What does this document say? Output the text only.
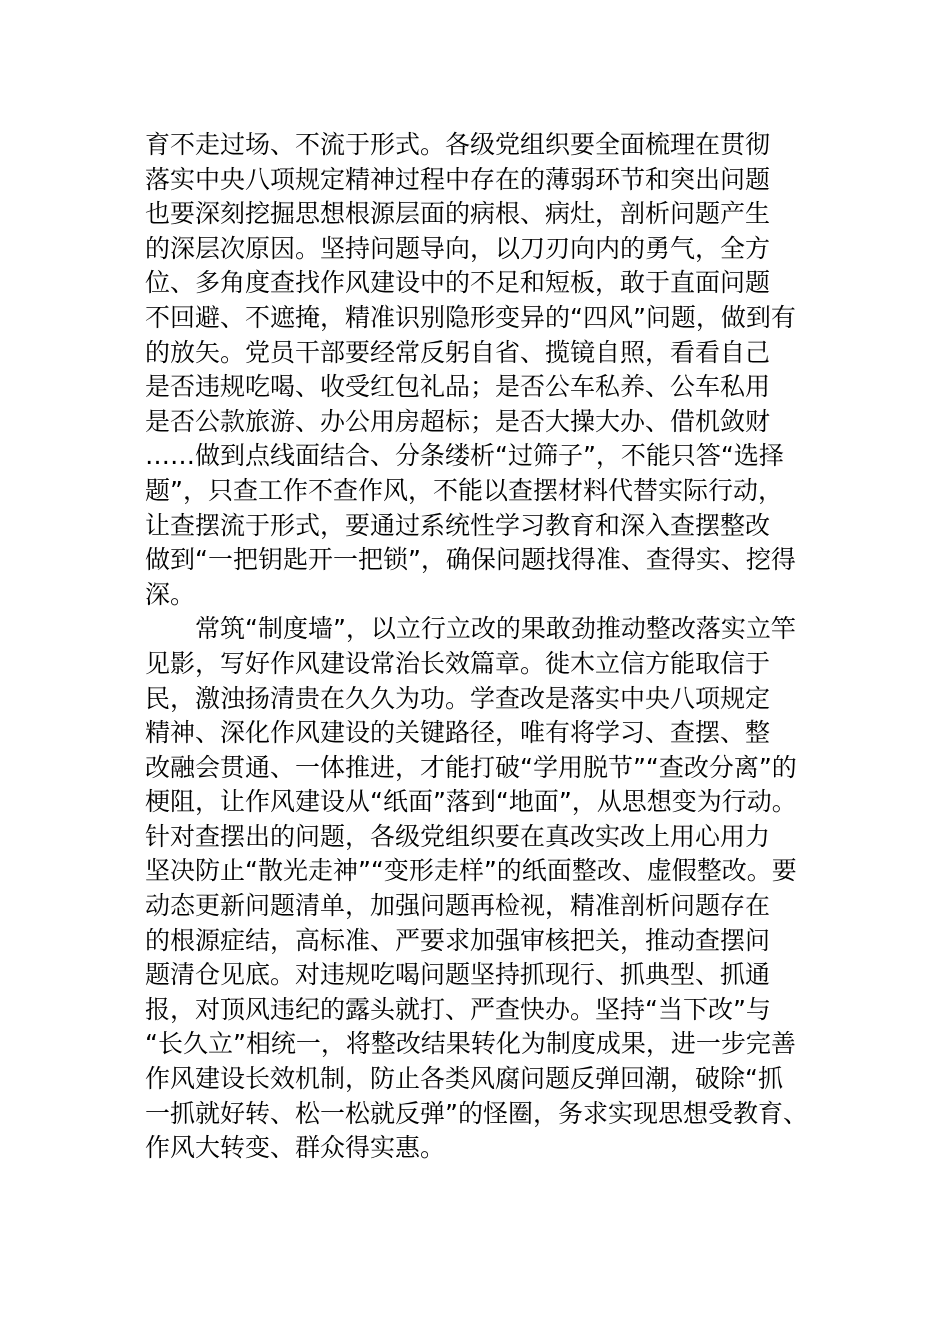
育不走过场、不流于形式。各级党组织要全面梳理在贯彻
落实中央八项规定精神过程中存在的薄弱环节和突出问题
也要深刻挖掘思想根源层面的病根、病灶，剖析问题产生
的深层次原因。坚持问题导向，以刀刃向内的勇气，全方
位、多角度查找作风建设中的不足和短板，敢于直面问题
不回避、不遮掩，精准识别隐形变异的“四风”问题，做到有
的放矢。党员干部要经常反躬自省、揽镜自照，看看自己
是否违规吃喝、收受红包礼品；是否公车私养、公车私用
是否公款旅游、办公用房超标；是否大操大办、借机敛财
……做到点线面结合、分条缕析“过筛子”，不能只答“选择
题”，只查工作不查作风，不能以查摆材料代替实际行动，
让查摆流于形式，要通过系统性学习教育和深入查摆整改
做到“一把钥匙开一把锁”，确保问题找得准、查得实、挖得
深。
常筑“制度墙”，以立行立改的果敢劲推动整改落实立竿
见影，写好作风建设常治长效篇章。徙木立信方能取信于
民，激浊扬清贵在久久为功。学查改是落实中央八项规定
精神、深化作风建设的关键路径，唯有将学习、查摆、整
改融会贯通、一体推进，才能打破“学用脱节”“查改分离”的
梗阻，让作风建设从“纸面”落到“地面”，从思想变为行动。
针对查摆出的问题，各级党组织要在真改实改上用心用力
坚决防止“散光走神”“变形走样”的纸面整改、虚假整改。要
动态更新问题清单，加强问题再检视，精准剖析问题存在
的根源症结，高标准、严要求加强审核把关，推动查摆问
题清仓见底。对违规吃喝问题坚持抓现行、抓典型、抓通
报，对顶风违纪的露头就打、严查快办。坚持“当下改”与
“长久立”相统一，将整改结果转化为制度成果，进一步完善
作风建设长效机制，防止各类风腐问题反弹回潮，破除“抓
一抓就好转、松一松就反弹”的怪圈，务求实现思想受教育、
作风大转变、群众得实惠。
